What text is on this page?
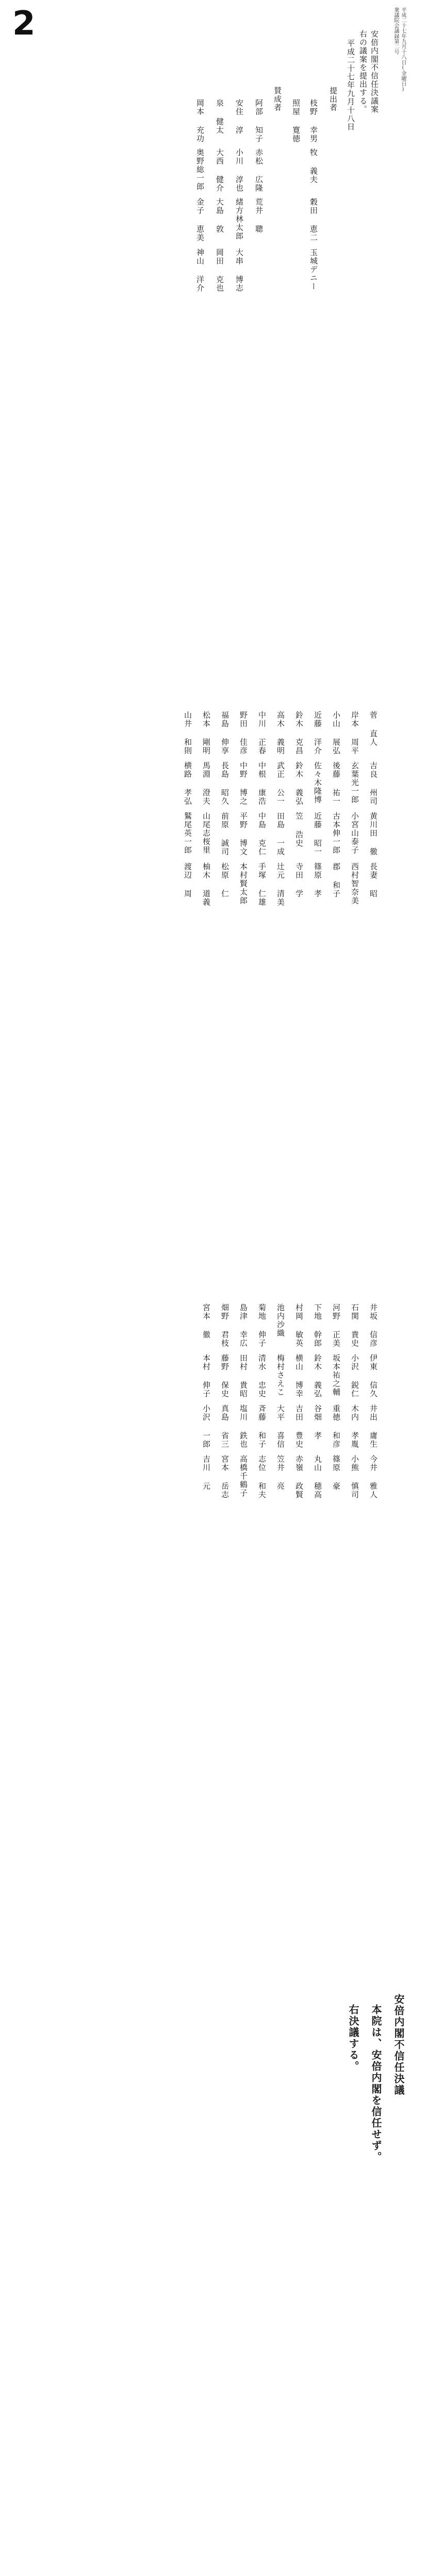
2	平成二十七年九月十八日(金曜日)
衆議院会議録第二号
安倍内閣不信任決議案
右の議案を提出する。
平成二十七年九月十八日
提出者
枝野 幸男
牧 義夫
穀田 恵二
玉城デニー
照屋 寛徳
賛成者
阿部 知子
赤松 広隆
荒井 聰
安住 淳
小川 淳也
緒方林太郎
大串 博志
泉 健太
大西 健介
大島 敦
岡田 克也
岡本 充功
奥野総一郎
金子 恵美
神山 洋介
菅 直人
吉良 州司
黄川田 徹
長妻 昭
岸本 周平
玄葉光一郎
小宮山泰子
西村智奈美
小山 展弘
後藤 祐一
古本伸一郎
郡 和子
近藤 洋介
佐々木隆博
近藤 昭一
篠原 孝
鈴木 克昌
鈴木 義弘
笠 浩史
寺田 学
高木 義明
武正 公一
田島 一成
辻元 清美
中川 正春
中根 康浩
中島 克仁
手塚 仁雄
野田 佳彦
中野 博之
平野 博文
本村賢太郎
福島 伸享
長島 昭久
前原 誠司
松原 仁
松本 剛明
馬淵 澄夫
山尾志桜里
柚木 道義
山井 和則
横路 孝弘
鷲尾英一郎
渡辺 周
井坂 信彦
伊東 信久
井出 庸生
今井 雅人
石関 貴史
小沢 鋭仁
木内 孝胤
小熊 慎司
河野 正美
坂本祐之輔
重徳 和彦
篠原 豪
下地 幹郎
鈴木 義弘
谷畑 孝
丸山 穂高
村岡 敏英
横山 博幸
吉田 豊史
赤嶺 政賢
池内沙織
梅村さえこ
大平 喜信
笠井 亮
菊地 伸子
清水 忠史
斉藤 和子
志位 和夫
島津 幸広
田村 貴昭
塩川 鉄也
高橋千鶴子
畑野 君枝
藤野 保史
真島 省三
宮本 岳志
宮本 徹
本村 伸子
小沢 一郎
吉川 元
安倍内閣不信任決議
本院は、安倍内閣を信任せず。
右決議する。
